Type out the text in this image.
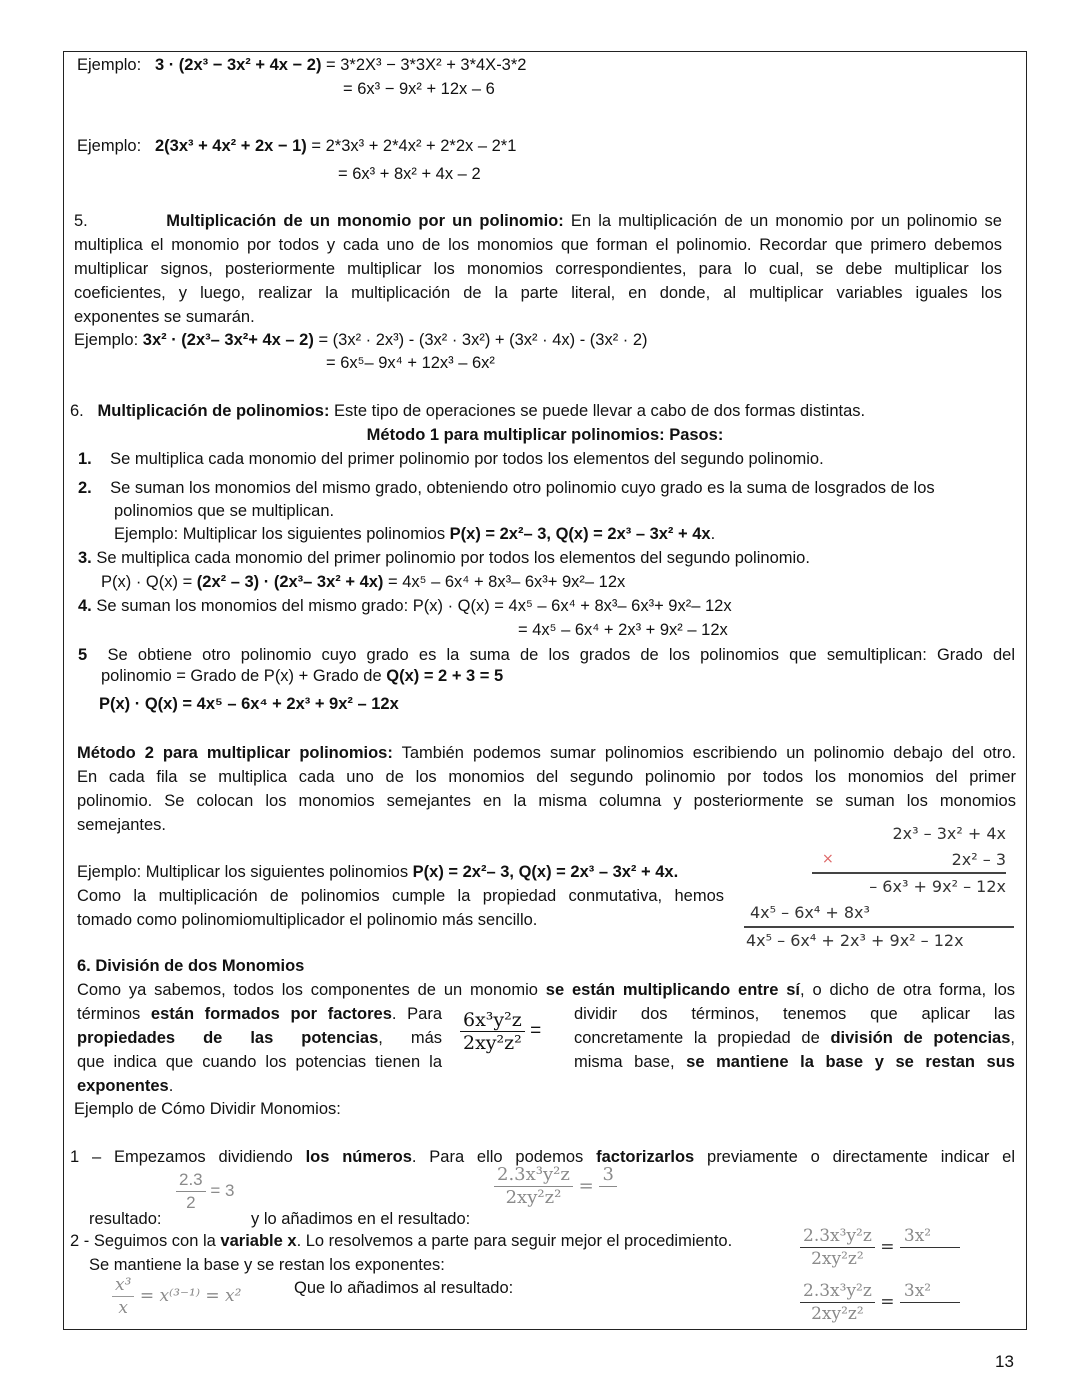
Ejemplo: 3 · (2x³ − 3x² + 4x − 2) = 3*2X³ − 3*3X² + 3*4X-3*2
= 6x³ − 9x² + 12x – 6
Ejemplo: 2(3x³ + 4x² + 2x − 1) = 2*3x³ + 2*4x² + 2*2x – 2*1
= 6x³ + 8x² + 4x – 2
5.	Multiplicación de un monomio por un polinomio: En la multiplicación de un monomio por un polinomio se
multiplica el monomio por todos y cada uno de los monomios que forman el polinomio. Recordar que primero debemos
multiplicar signos, posteriormente multiplicar los monomios correspondientes, para lo cual, se debe multiplicar los
coeficientes, y luego, realizar la multiplicación de la parte literal, en donde, al multiplicar variables iguales los
exponentes se sumarán.
Ejemplo: 3x² · (2x³– 3x²+ 4x – 2) = (3x² · 2x³) - (3x² · 3x²) + (3x² · 4x) - (3x² · 2)
= 6x⁵– 9x⁴ + 12x³ – 6x²
6. Multiplicación de polinomios: Este tipo de operaciones se puede llevar a cabo de dos formas distintas.
Método 1 para multiplicar polinomios: Pasos:
1. Se multiplica cada monomio del primer polinomio por todos los elementos del segundo polinomio.
2. Se suman los monomios del mismo grado, obteniendo otro polinomio cuyo grado es la suma de losgrados de los
polinomios que se multiplican.
Ejemplo: Multiplicar los siguientes polinomios P(x) = 2x²– 3, Q(x) = 2x³ – 3x² + 4x.
3. Se multiplica cada monomio del primer polinomio por todos los elementos del segundo polinomio.
P(x) · Q(x) = (2x² – 3) · (2x³– 3x² + 4x) = 4x⁵ – 6x⁴ + 8x³– 6x³+ 9x²– 12x
4. Se suman los monomios del mismo grado: P(x) · Q(x) = 4x⁵ – 6x⁴ + 8x³– 6x³+ 9x²– 12x
= 4x⁵ – 6x⁴ + 2x³ + 9x² – 12x
5 Se obtiene otro polinomio cuyo grado es la suma de los grados de los polinomios que semultiplican: Grado del
polinomio = Grado de P(x) + Grado de Q(x) = 2 + 3 = 5
P(x) · Q(x) = 4x⁵ – 6x⁴ + 2x³ + 9x² – 12x
Método 2 para multiplicar polinomios: También podemos sumar polinomios escribiendo un polinomio debajo del otro.
En cada fila se multiplica cada uno de los monomios del segundo polinomio por todos los monomios del primer
polinomio. Se colocan los monomios semejantes en la misma columna y posteriormente se suman los monomios
semejantes.
Ejemplo: Multiplicar los siguientes polinomios P(x) = 2x²– 3, Q(x) = 2x³ – 3x² + 4x.
Como la multiplicación de polinomios cumple la propiedad conmutativa, hemos
tomado como polinomiomultiplicador el polinomio más sencillo.
2x³ – 3x² + 4x
×	2x² – 3
– 6x³ + 9x² – 12x
4x⁵ – 6x⁴ + 8x³
4x⁵ – 6x⁴ + 2x³ + 9x² – 12x
6. División de dos Monomios
Como ya sabemos, todos los componentes de un monomio se están multiplicando entre sí, o dicho de otra forma, los
términos están formados por factores. Para
propiedades de las potencias, más
que indica que cuando los potencias tienen la
exponentes.
$\frac{\text{6x³y²z}}{\text{2xy²z²}}$ =
dividir dos términos, tenemos que aplicar las
concretamente la propiedad de división de potencias,
misma base, se mantiene la base y se restan sus
Ejemplo de Cómo Dividir Monomios:
1 – Empezamos dividiendo los números. Para ello podemos factorizarlos previamente o directamente indicar el
resultado:
$\frac{2.3}{2} = 3$
y lo añadimos en el resultado:
$\frac{\text{2.3x³y²z}}{\text{2xy²z²}}$ =
3

2 - Seguimos con la variable x. Lo resolvemos a parte para seguir mejor el procedimiento.
Se mantiene la base y se restan los exponentes:
$\frac{\text{x³}}{x} = x^{(3-1)} = x^2$	Que lo añadimos al resultado:
$\frac{\text{2.3x³y²z}}{\text{2xy²z²}}$ =
3x²

$\frac{\text{2.3x³y²z}}{\text{2xy²z²}}$ =
3x²

13
